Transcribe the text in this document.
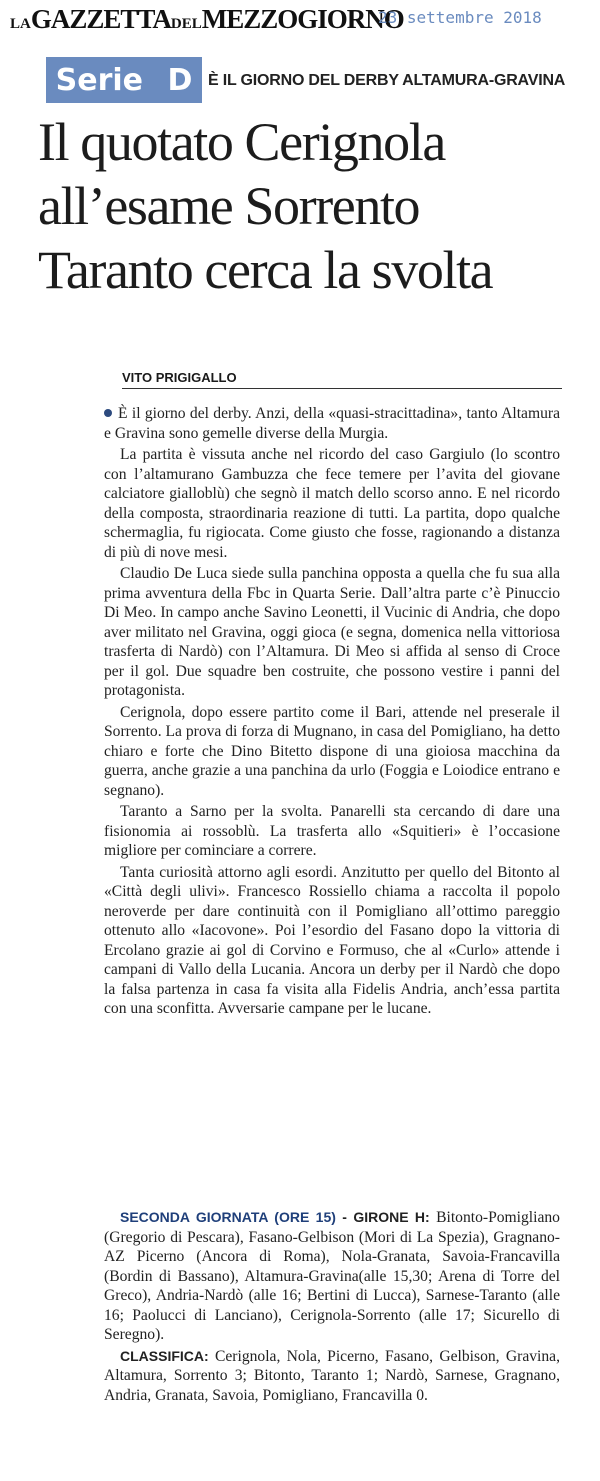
LAGAZZETTADELMEZZOGIORNO
23 settembre 2018
Serie D È IL GIORNO DEL DERBY ALTAMURA-GRAVINA
Il quotato Cerignola
all’esame Sorrento
Taranto cerca la svolta
VITO PRIGIGALLO

È il giorno del derby. Anzi, della «quasi-stracittadina», tanto Altamura e Gravina sono gemelle diverse della Murgia.

La partita è vissuta anche nel ricordo del caso Gargiulo (lo scontro con l’altamurano Gambuzza che fece temere per l’avita del giovane calciatore gialloblù) che segnò il match dello scorso anno. E nel ricordo della composta, straordinaria reazione di tutti. La partita, dopo qualche schermaglia, fu rigiocata. Come giusto che fosse, ragionando a distanza di più di nove mesi.

Claudio De Luca siede sulla panchina opposta a quella che fu sua alla prima avventura della Fbc in Quarta Serie. Dall’altra parte c’è Pinuccio Di Meo. In campo anche Savino Leonetti, il Vucinic di Andria, che dopo aver militato nel Gravina, oggi gioca (e segna, domenica nella vittoriosa trasferta di Nardò) con l’Altamura. Di Meo si affida al senso di Croce per il gol. Due squadre ben costruite, che possono vestire i panni del protagonista.

Cerignola, dopo essere partito come il Bari, attende nel preserale il Sorrento. La prova di forza di Mugnano, in casa del Pomigliano, ha detto chiaro e forte che Dino Bitetto dispone di una gioiosa macchina da guerra, anche grazie a una panchina da urlo (Foggia e Loiodice entrano e segnano).

Taranto a Sarno per la svolta. Panarelli sta cercando di dare una fisionomia ai rossoblù. La trasferta allo «Squitieri» è l’occasione migliore per cominciare a correre.

Tanta curiosità attorno agli esordi. Anzitutto per quello del Bitonto al «Città degli ulivi». Francesco Rossiello chiama a raccolta il popolo neroverde per dare continuità con il Pomigliano all’ottimo pareggio ottenuto allo «Iacovone». Poi l’esordio del Fasano dopo la vittoria di Ercolano grazie ai gol di Corvino e Formuso, che al «Curlo» attende i campani di Vallo della Lucania. Ancora un derby per il Nardò che dopo la falsa partenza in casa fa visita alla Fidelis Andria, anch’essa partita con una sconfitta. Avversarie campane per le lucane.

SECONDA GIORNATA (ORE 15) - GIRONE H: Bitonto-Pomigliano (Gregorio di Pescara), Fasano-Gelbison (Mori di La Spezia), Gragnano-AZ Picerno (Ancora di Roma), Nola-Granata, Savoia-Francavilla (Bordin di Bassano), Altamura-Gravina(alle 15,30; Arena di Torre del Greco), Andria-Nardò (alle 16; Bertini di Lucca), Sarnese-Taranto (alle 16; Paolucci di Lanciano), Cerignola-Sorrento (alle 17; Sicurello di Seregno).

CLASSIFICA: Cerignola, Nola, Picerno, Fasano, Gelbison, Gravina, Altamura, Sorrento 3; Bitonto, Taranto 1; Nardò, Sarnese, Gragnano, Andria, Granata, Savoia, Pomigliano, Francavilla 0.
